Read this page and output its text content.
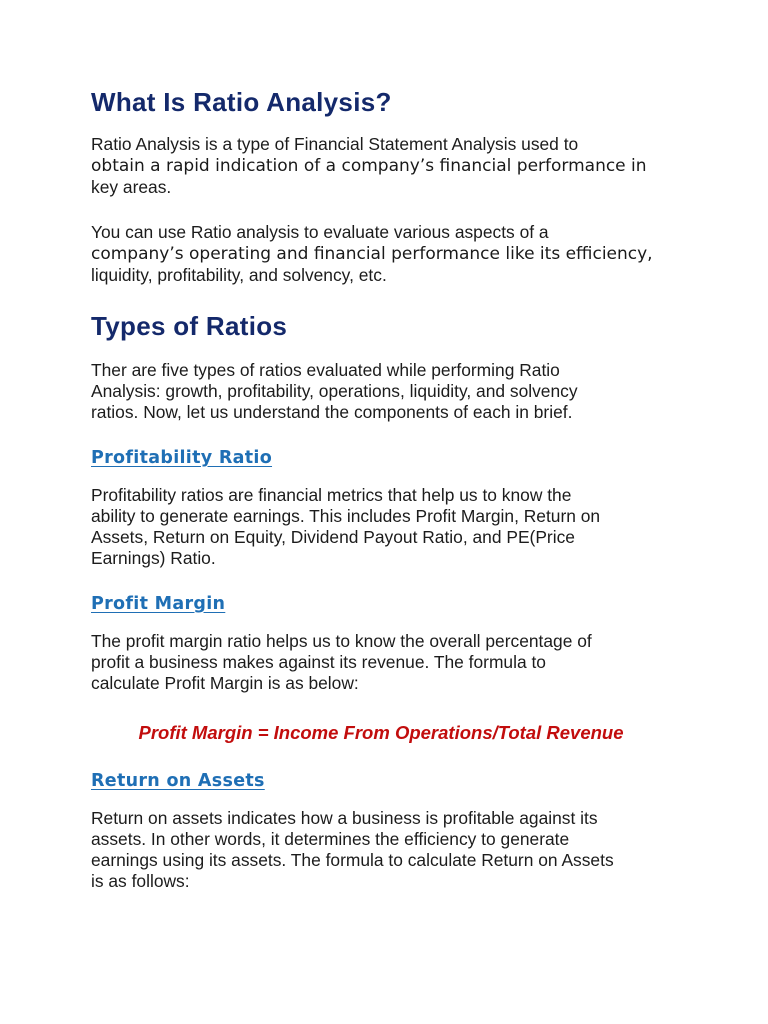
What Is Ratio Analysis?

Ratio Analysis is a type of Financial Statement Analysis used to
obtain a rapid indication of a company’s financial performance in
key areas.

You can use Ratio analysis to evaluate various aspects of a
company’s operating and financial performance like its efficiency,
liquidity, profitability, and solvency, etc.

Types of Ratios

Ther are five types of ratios evaluated while performing Ratio
Analysis: growth, profitability, operations, liquidity, and solvency
ratios. Now, let us understand the components of each in brief.

Profitability Ratio

Profitability ratios are financial metrics that help us to know the
ability to generate earnings. This includes Profit Margin, Return on
Assets, Return on Equity, Dividend Payout Ratio, and PE(Price
Earnings) Ratio.

Profit Margin

The profit margin ratio helps us to know the overall percentage of
profit a business makes against its revenue. The formula to
calculate Profit Margin is as below:

Profit Margin = Income From Operations/Total Revenue
Return on Assets

Return on assets indicates how a business is profitable against its
assets. In other words, it determines the efficiency to generate
earnings using its assets. The formula to calculate Return on Assets
is as follows:
